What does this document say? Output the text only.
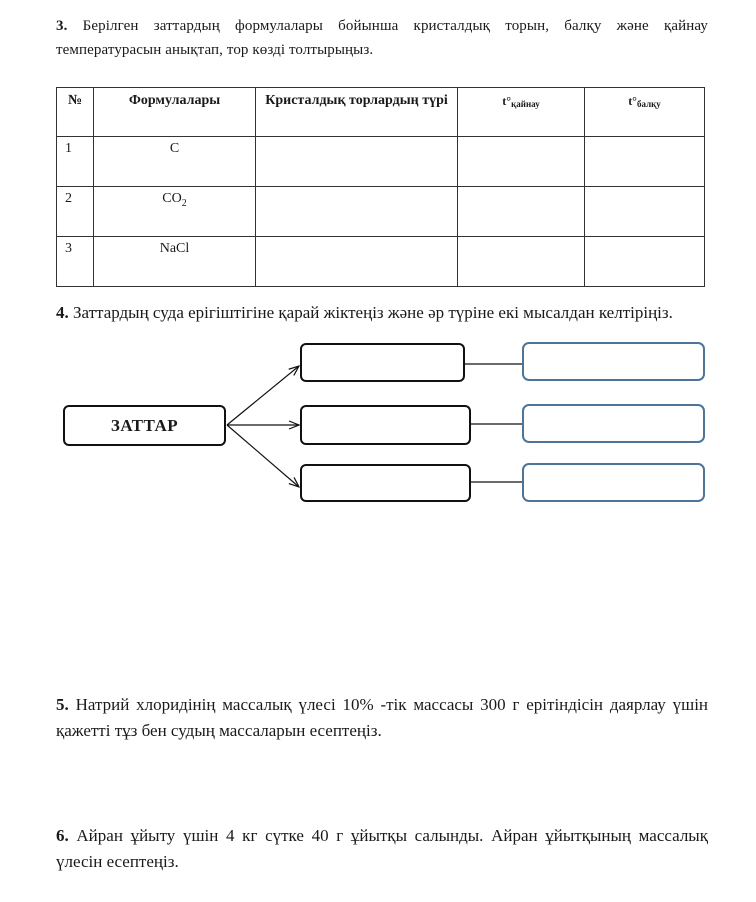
3. Берілген заттардың формулалары бойынша кристалдық торын, балқу және қайнау температурасын анықтап, тор көзді толтырыңыз.
№	Формулалары	Кристалдық торлардың түрі	$t^\circ_{қайнау}$	$t^\circ_{балқу}$
1	C			
2	$CO_2$			
3	NaCl			
4. Заттардың суда ерігіштігіне қарай жіктеңіз және әр түріне екі мысалдан келтіріңіз.
ЗАТТАР
5. Натрий хлоридінің массалық үлесі 10% -тік массасы 300 г ерітіндісін даярлау үшін қажетті тұз бен судың массаларын есептеңіз.
6. Айран ұйыту үшін 4 кг сүтке 40 г ұйытқы салынды. Айран ұйытқының массалық үлесін есептеңіз.
